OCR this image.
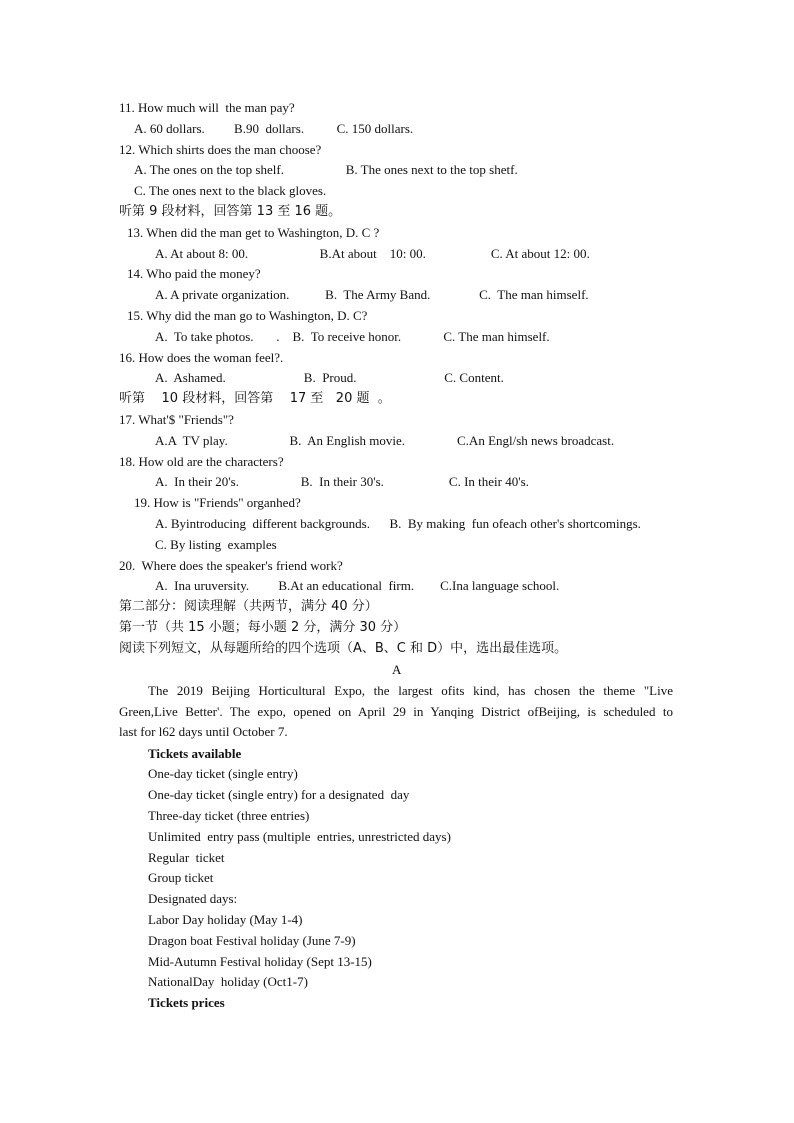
11. How much will  the man pay?
A. 60 dollars.         B.90  dollars.          C. 150 dollars.
12. Which shirts does the man choose?
A. The ones on the top shelf.                   B. The ones next to the top shetf.
C. The ones next to the black gloves.
听第 9 段材料，回答第 13 至 16 题。
13. When did the man get to Washington, D. C ?
A. At about 8: 00.                      B.At about    10: 00.                    C. At about 12: 00.
14. Who paid the money?
A. A private organization.           B.  The Army Band.               C.  The man himself.
15. Why did the man go to Washington, D. C?
A.  To take photos.       .    B.  To receive honor.             C. The man himself.
16. How does the woman feel?.
A.  Ashamed.                        B.  Proud.                           C. Content.
听第    10 段材料，回答第    17 至   20 题  。
17. What'$ "Friends"?
A.A  TV play.                   B.  An English movie.                C.An Engl/sh news broadcast.
18. How old are the characters?
A.  In their 20's.                   B.  In their 30's.                    C. In their 40's.
19. How is "Friends" organhed?
A. Byintroducing  different backgrounds.      B.  By making  fun ofeach other's shortcomings.
C. By listing  examples
20.  Where does the speaker's friend work?
A.  Ina uruversity.         B.At an educational  firm.        C.Ina language school.
第二部分：阅读理解（共两节，满分 40 分）
第一节（共 15 小题；每小题 2 分，满分 30 分）
阅读下列短文，从每题所给的四个选项（A、B、C 和 D）中，选出最佳选项。
A
The 2019 Beijing Horticultural Expo, the largest ofits kind, has chosen the theme "Live
Green,Live Better'. The expo, opened on April 29 in Yanqing District ofBeijing, is scheduled to
last for l62 days until October 7.
Tickets available
One-day ticket (single entry)
One-day ticket (single entry) for a designated  day
Three-day ticket (three entries)
Unlimited  entry pass (multiple  entries, unrestricted days)
Regular  ticket
Group ticket
Designated days:
Labor Day holiday (May 1-4)
Dragon boat Festival holiday (June 7-9)
Mid-Autumn Festival holiday (Sept 13-15)
NationalDay  holiday (Oct1-7)
Tickets prices
